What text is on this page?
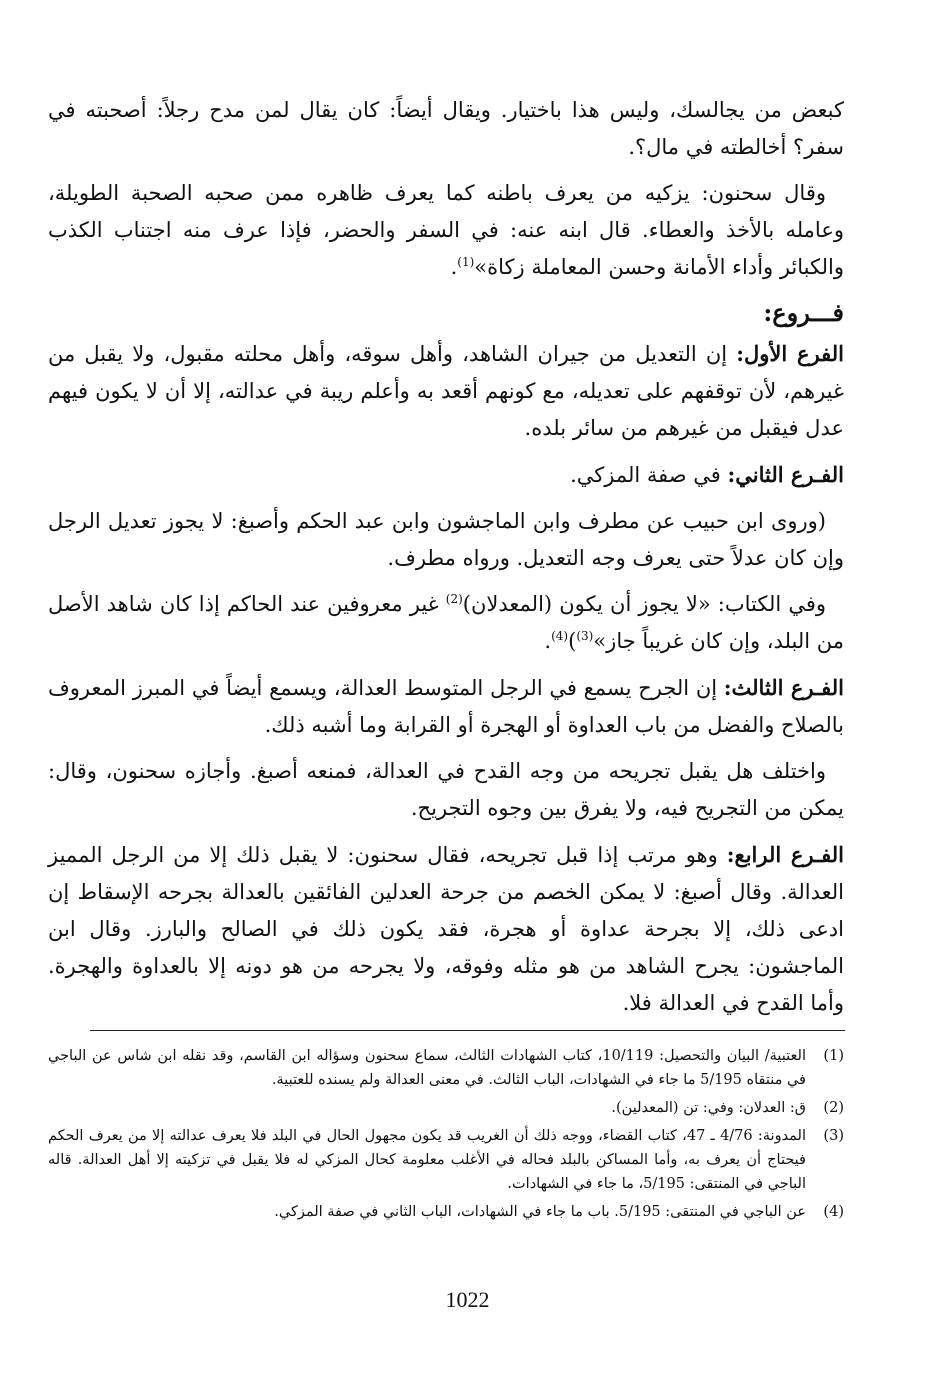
كبعض من يجالسك، وليس هذا باختيار. ويقال أيضاً: كان يقال لمن مدح رجلاً: أصحبته في سفر؟ أخالطته في مال؟.

وقال سحنون: يزكيه من يعرف باطنه كما يعرف ظاهره ممن صحبه الصحبة الطويلة، وعامله بالأخذ والعطاء. قال ابنه عنه: في السفر والحضر، فإذا عرف منه اجتناب الكذب والكبائر وأداء الأمانة وحسن المعاملة زكاة»$^{(1)}$.

فـــروع:

الفرع الأول: إن التعديل من جيران الشاهد، وأهل سوقه، وأهل محلته مقبول، ولا يقبل من غيرهم، لأن توقفهم على تعديله، مع كونهم أقعد به وأعلم ريبة في عدالته، إلا أن لا يكون فيهم عدل فيقبل من غيرهم من سائر بلده.

الفـرع الثاني: في صفة المزكي.

(وروى ابن حبيب عن مطرف وابن الماجشون وابن عبد الحكم وأصبغ: لا يجوز تعديل الرجل وإن كان عدلاً حتى يعرف وجه التعديل. ورواه مطرف.

وفي الكتاب: «لا يجوز أن يكون (المعدلان)$^{(2)}$ غير معروفين عند الحاكم إذا كان شاهد الأصل من البلد، وإن كان غريباً جاز»$^{(3)}$)$^{(4)}$.

الفـرع الثالث: إن الجرح يسمع في الرجل المتوسط العدالة، ويسمع أيضاً في المبرز المعروف بالصلاح والفضل من باب العداوة أو الهجرة أو القرابة وما أشبه ذلك.

واختلف هل يقبل تجريحه من وجه القدح في العدالة، فمنعه أصبغ. وأجازه سحنون، وقال: يمكن من التجريح فيه، ولا يفرق بين وجوه التجريح.

الفـرع الرابع: وهو مرتب إذا قبل تجريحه، فقال سحنون: لا يقبل ذلك إلا من الرجل المميز العدالة. وقال أصبغ: لا يمكن الخصم من جرحة العدلين الفائقين بالعدالة بجرحه الإسقاط إن ادعى ذلك، إلا بجرحة عداوة أو هجرة، فقد يكون ذلك في الصالح والبارز. وقال ابن الماجشون: يجرح الشاهد من هو مثله وفوقه، ولا يجرحه من هو دونه إلا بالعداوة والهجرة. وأما القدح في العدالة فلا.

(1)
العتبية/ البيان والتحصيل: 10/119، كتاب الشهادات الثالث، سماع سحنون وسؤاله ابن القاسم، وقد نقله ابن شاس عن الباجي في منتقاه 5/195 ما جاء في الشهادات، الباب الثالث. في معنى العدالة ولم يسنده للعتبية.
(2)
ق: العدلان: وفي: تن (المعدلين).
(3)
المدونة: 4/76 ـ 47، كتاب القضاء، ووجه ذلك أن الغريب قد يكون مجهول الحال في البلد فلا يعرف عدالته إلا من يعرف الحكم فيحتاج أن يعرف به، وأما المساكن بالبلد فحاله في الأغلب معلومة كحال المزكي له فلا يقبل في تزكيته إلا أهل العدالة. قاله الباجي في المنتقى: 5/195، ما جاء في الشهادات.
(4)
عن الباجي في المنتقى: 5/195. باب ما جاء في الشهادات، الباب الثاني في صفة المزكي.
1022
